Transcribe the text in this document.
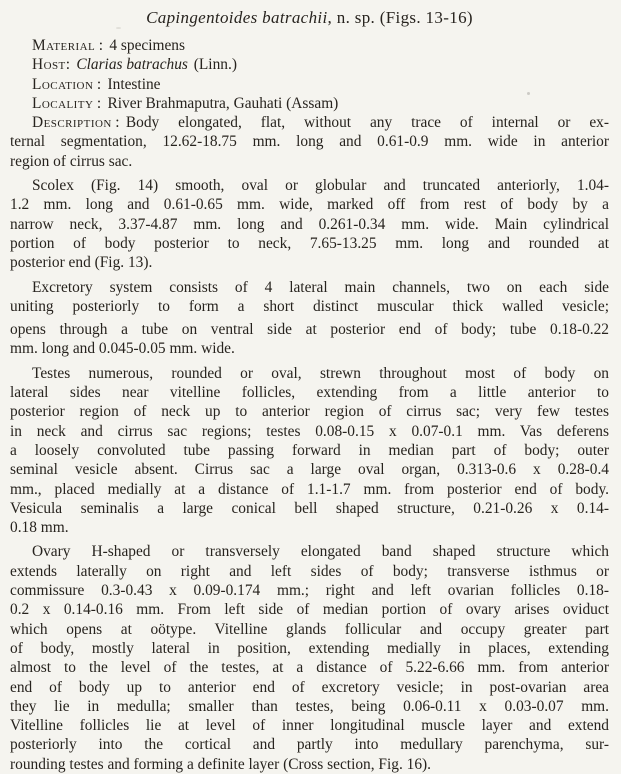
Capingentoides batrachii, n. sp. (Figs. 13-16)
Material : 4 specimens
Host: Clarias batrachus (Linn.)
Location : Intestine
Locality : River Brahmaputra, Gauhati (Assam)
Description : Body elongated, flat, without any trace of internal or ex-
ternal segmentation, 12.62-18.75 mm. long and 0.61-0.9 mm. wide in anterior
region of cirrus sac.
Scolex (Fig. 14) smooth, oval or globular and truncated anteriorly, 1.04-
1.2 mm. long and 0.61-0.65 mm. wide, marked off from rest of body by a
narrow neck, 3.37-4.87 mm. long and 0.261-0.34 mm. wide. Main cylindrical
portion of body posterior to neck, 7.65-13.25 mm. long and rounded at
posterior end (Fig. 13).
Excretory system consists of 4 lateral main channels, two on each side
uniting posteriorly to form a short distinct muscular thick walled vesicle;
opens through a tube on ventral side at posterior end of body; tube 0.18-0.22
mm. long and 0.045-0.05 mm. wide.
Testes numerous, rounded or oval, strewn throughout most of body on
lateral sides near vitelline follicles, extending from a little anterior to
posterior region of neck up to anterior region of cirrus sac; very few testes
in neck and cirrus sac regions; testes 0.08-0.15 x 0.07-0.1 mm. Vas deferens
a loosely convoluted tube passing forward in median part of body; outer
seminal vesicle absent. Cirrus sac a large oval organ, 0.313-0.6 x 0.28-0.4
mm., placed medially at a distance of 1.1-1.7 mm. from posterior end of body.
Vesicula seminalis a large conical bell shaped structure, 0.21-0.26 x 0.14-
0.18 mm.
Ovary H-shaped or transversely elongated band shaped structure which
extends laterally on right and left sides of body; transverse isthmus or
commissure 0.3-0.43 x 0.09-0.174 mm.; right and left ovarian follicles 0.18-
0.2 x 0.14-0.16 mm. From left side of median portion of ovary arises oviduct
which opens at oötype. Vitelline glands follicular and occupy greater part
of body, mostly lateral in position, extending medially in places, extending
almost to the level of the testes, at a distance of 5.22-6.66 mm. from anterior
end of body up to anterior end of excretory vesicle; in post-ovarian area
they lie in medulla; smaller than testes, being 0.06-0.11 x 0.03-0.07 mm.
Vitelline follicles lie at level of inner longitudinal muscle layer and extend
posteriorly into the cortical and partly into medullary parenchyma, sur-
rounding testes and forming a definite layer (Cross section, Fig. 16).
